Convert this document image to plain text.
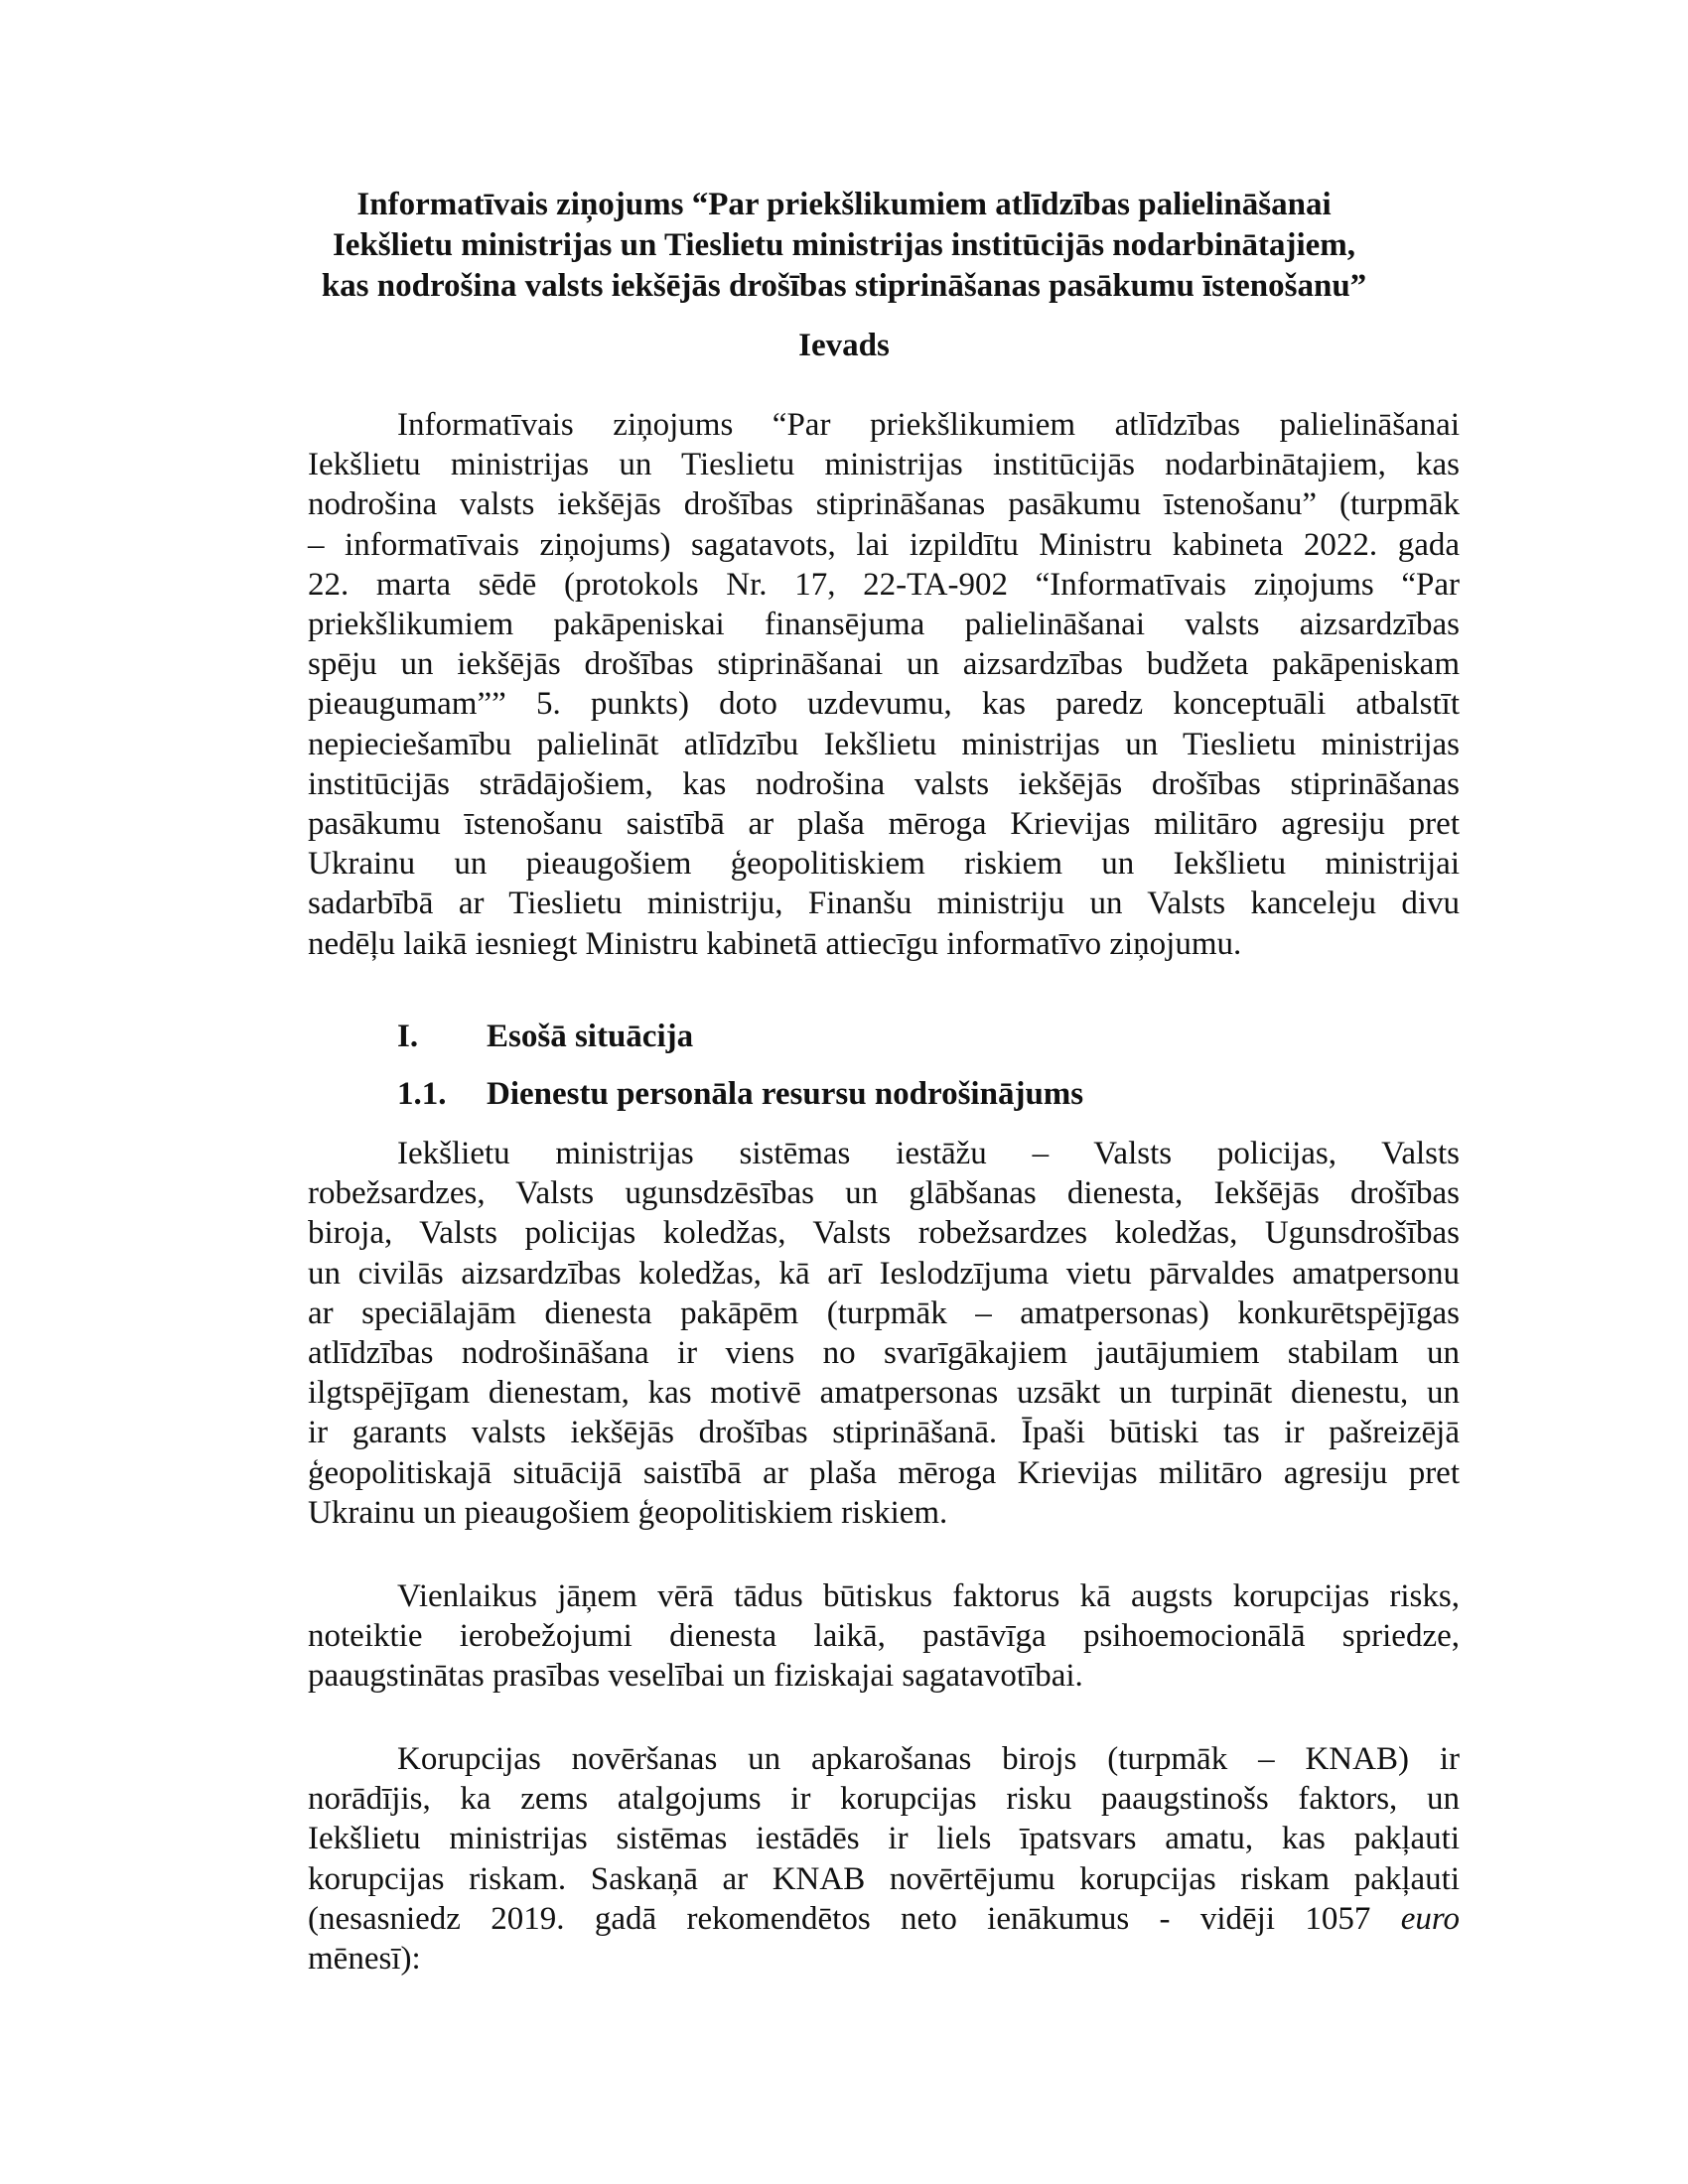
Informatīvais ziņojums “Par priekšlikumiem atlīdzības palielināšanai
Iekšlietu ministrijas un Tieslietu ministrijas institūcijās nodarbinātajiem,
kas nodrošina valsts iekšējās drošības stiprināšanas pasākumu īstenošanu”
Ievads
Informatīvais ziņojums “Par priekšlikumiem atlīdzības palielināšanai
Iekšlietu ministrijas un Tieslietu ministrijas institūcijās nodarbinātajiem, kas
nodrošina valsts iekšējās drošības stiprināšanas pasākumu īstenošanu” (turpmāk
– informatīvais ziņojums) sagatavots, lai izpildītu Ministru kabineta 2022. gada
22. marta sēdē (protokols Nr. 17, 22-TA-902 “Informatīvais ziņojums “Par
priekšlikumiem pakāpeniskai finansējuma palielināšanai valsts aizsardzības
spēju un iekšējās drošības stiprināšanai un aizsardzības budžeta pakāpeniskam
pieaugumam”” 5. punkts) doto uzdevumu, kas paredz konceptuāli atbalstīt
nepieciešamību palielināt atlīdzību Iekšlietu ministrijas un Tieslietu ministrijas
institūcijās strādājošiem, kas nodrošina valsts iekšējās drošības stiprināšanas
pasākumu īstenošanu saistībā ar plaša mēroga Krievijas militāro agresiju pret
Ukrainu un pieaugošiem ģeopolitiskiem riskiem un Iekšlietu ministrijai
sadarbībā ar Tieslietu ministriju, Finanšu ministriju un Valsts kanceleju divu
nedēļu laikā iesniegt Ministru kabinetā attiecīgu informatīvo ziņojumu.
I. Esošā situācija
1.1. Dienestu personāla resursu nodrošinājums
Iekšlietu ministrijas sistēmas iestāžu – Valsts policijas, Valsts
robežsardzes, Valsts ugunsdzēsības un glābšanas dienesta, Iekšējās drošības
biroja, Valsts policijas koledžas, Valsts robežsardzes koledžas, Ugunsdrošības
un civilās aizsardzības koledžas, kā arī Ieslodzījuma vietu pārvaldes amatpersonu
ar speciālajām dienesta pakāpēm (turpmāk – amatpersonas) konkurētspējīgas
atlīdzības nodrošināšana ir viens no svarīgākajiem jautājumiem stabilam un
ilgtspējīgam dienestam, kas motivē amatpersonas uzsākt un turpināt dienestu, un
ir garants valsts iekšējās drošības stiprināšanā. Īpaši būtiski tas ir pašreizējā
ģeopolitiskajā situācijā saistībā ar plaša mēroga Krievijas militāro agresiju pret
Ukrainu un pieaugošiem ģeopolitiskiem riskiem.
Vienlaikus jāņem vērā tādus būtiskus faktorus kā augsts korupcijas risks,
noteiktie ierobežojumi dienesta laikā, pastāvīga psihoemocionālā spriedze,
paaugstinātas prasības veselībai un fiziskajai sagatavotībai.
Korupcijas novēršanas un apkarošanas birojs (turpmāk – KNAB) ir
norādījis, ka zems atalgojums ir korupcijas risku paaugstinošs faktors, un
Iekšlietu ministrijas sistēmas iestādēs ir liels īpatsvars amatu, kas pakļauti
korupcijas riskam. Saskaņā ar KNAB novērtējumu korupcijas riskam pakļauti
(nesasniedz 2019. gadā rekomendētos neto ienākumus - vidēji 1057 euro
mēnesī):
